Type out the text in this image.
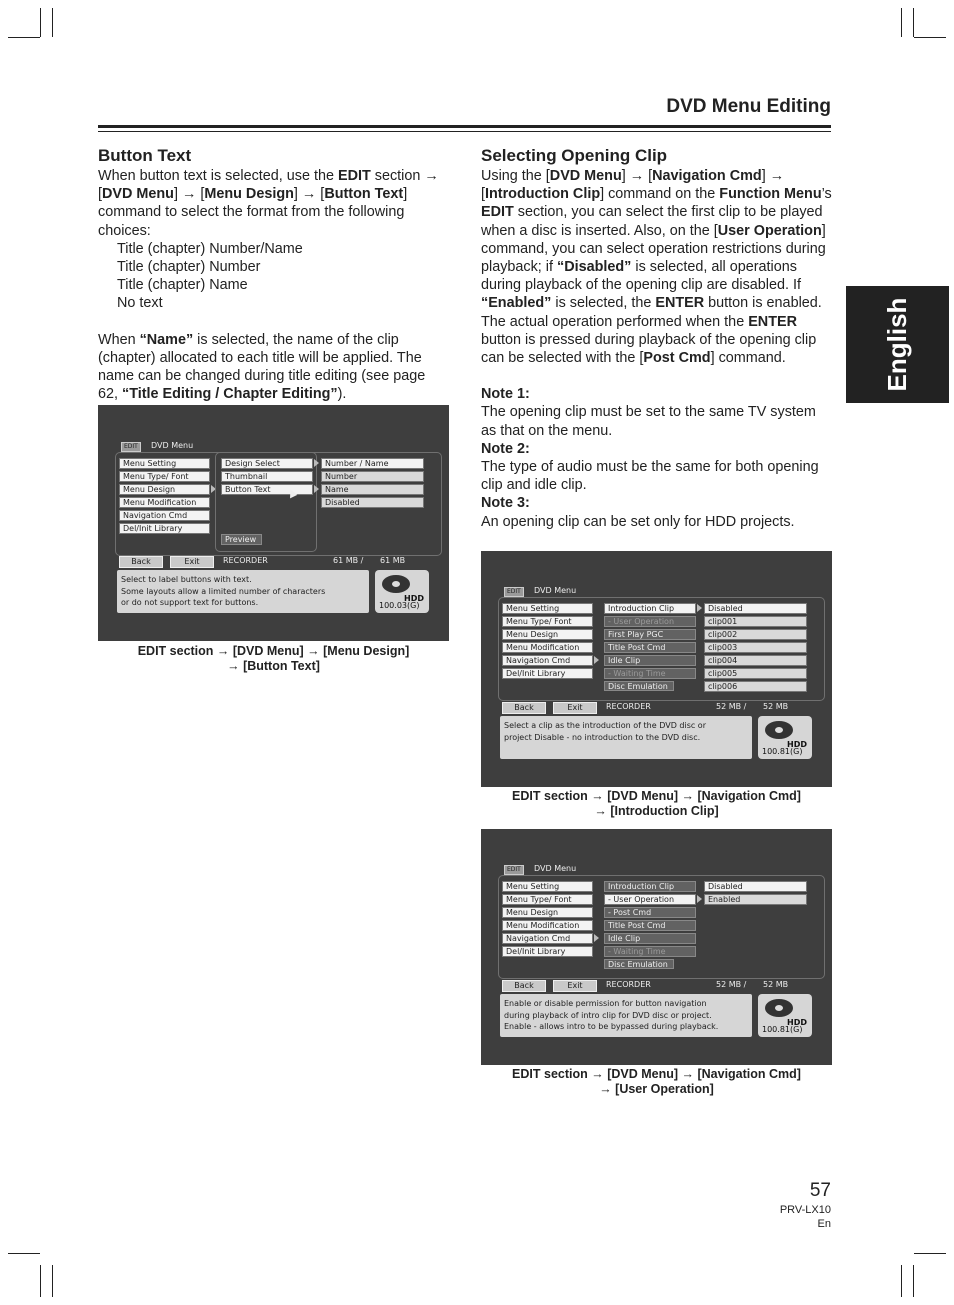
DVD Menu Editing
English
Button Text

When button text is selected, use the EDIT section → [DVD Menu] → [Menu Design] → [Button Text] command to select the format from the following choices:

Title (chapter) Number/Name

Title (chapter) Number

Title (chapter) Name

No text

When “Name” is selected, the name of the clip (chapter) allocated to each title will be applied. The name can be changed during title editing (see page 62, “Title Editing / Chapter Editing”).

Selecting Opening Clip

Using the [DVD Menu] → [Navigation Cmd] → [Introduction Clip] command on the Function Menu’s EDIT section, you can select the first clip to be played when a disc is inserted. Also, on the [User Operation] command, you can select operation restrictions during playback; if “Disabled” is selected, all operations during playback of the opening clip are disabled. If “Enabled” is selected, the ENTER button is enabled. The actual operation performed when the ENTER button is pressed during playback of the opening clip can be selected with the [Post Cmd] command.

Note 1:

The opening clip must be set to the same TV system as that on the menu.

Note 2:

The type of audio must be the same for both opening clip and idle clip.

Note 3:

An opening clip can be set only for HDD projects.

EDIT	DVD Menu
Menu Setting
Menu Type/ Font
Menu Design
Menu Modification
Navigation Cmd
Del/Init Library
Design Select
Thumbnail
Button Text
Preview
Number / Name
Number
Name
Disabled
Back	Exit	RECORDER	61 MB / 61 MB
Select to label buttons with text.
Some layouts allow a limited number of characters
or do not support text for buttons.	HDD
100.03(G)
EDIT section → [DVD Menu] → [Menu Design]
→ [Button Text]
EDIT	DVD Menu
Menu Setting
Menu Type/ Font
Menu Design
Menu Modification
Navigation Cmd
Del/Init Library
Introduction Clip
- User Operation
First Play PGC
Title Post Cmd
Idle Clip
- Waiting Time
Disc Emulation
Disabled
clip001
clip002
clip003
clip004
clip005
clip006
Back	Exit	RECORDER	52 MB / 52 MB
Select a clip as the introduction of the DVD disc or
project Disable - no introduction to the DVD disc.
HDD
100.81(G)
EDIT section → [DVD Menu] → [Navigation Cmd]
→ [Introduction Clip]
EDIT	DVD Menu
Menu Setting
Menu Type/ Font
Menu Design
Menu Modification
Navigation Cmd
Del/Init Library
Introduction Clip
- User Operation
- Post Cmd
Title Post Cmd
Idle Clip
- Waiting Time
Disc Emulation
Disabled
Enabled
Back	Exit	RECORDER	52 MB / 52 MB
Enable or disable permission for button navigation
during playback of intro clip for DVD disc or project.
Enable - allows intro to be bypassed during playback.	HDD
100.81(G)
EDIT section → [DVD Menu] → [Navigation Cmd]
→ [User Operation]
57
PRV-LX10
En
